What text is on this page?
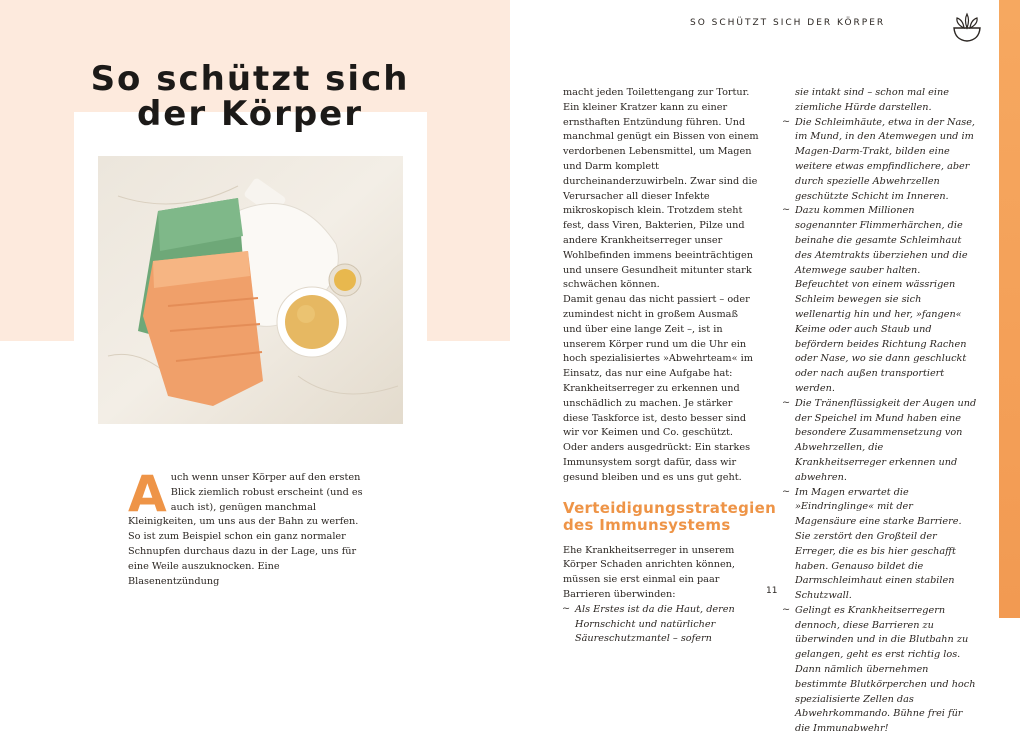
So schützt sich der Körper
SO SCHÜTZT SICH DER KÖRPER
A uch wenn unser Körper auf den ersten Blick ziemlich robust erscheint (und es auch ist), genügen manchmal Kleinigkeiten, um uns aus der Bahn zu werfen. So ist zum Beispiel schon ein ganz normaler Schnupfen durchaus dazu in der Lage, uns für eine Weile auszuknocken. Eine Blasenentzündung

macht jeden Toilettengang zur Tortur. Ein kleiner Kratzer kann zu einer ernsthaften Entzündung führen. Und manchmal genügt ein Bissen von einem verdorbenen Lebensmittel, um Magen und Darm komplett durcheinanderzuwirbeln. Zwar sind die Verursacher all dieser Infekte mikroskopisch klein. Trotzdem steht fest, dass Viren, Bakterien, Pilze und andere Krankheitserreger unser Wohlbefinden immens beeinträchtigen und unsere Gesundheit mitunter stark schwächen können.

Damit genau das nicht passiert – oder zumindest nicht in großem Ausmaß und über eine lange Zeit –, ist in unserem Körper rund um die Uhr ein hoch spezialisiertes »Abwehrteam« im Einsatz, das nur eine Aufgabe hat: Krankheitserreger zu erkennen und unschädlich zu machen. Je stärker diese Taskforce ist, desto besser sind wir vor Keimen und Co. geschützt. Oder anders ausgedrückt: Ein starkes Immunsystem sorgt dafür, dass wir gesund bleiben und es uns gut geht.

Verteidigungsstrategien des Immunsystems

Ehe Krankheitserreger in unserem Körper Schaden anrichten können, müssen sie erst einmal ein paar Barrieren überwinden:

~ Als Erstes ist da die Haut, deren Hornschicht und natürlicher Säureschutzmantel – sofern

sie intakt sind – schon mal eine ziemliche Hürde darstellen.

~ Die Schleimhäute, etwa in der Nase, im Mund, in den Atemwegen und im Magen-Darm-Trakt, bilden eine weitere etwas empfindlichere, aber durch spezielle Abwehrzellen geschützte Schicht im Inneren.
~ Dazu kommen Millionen sogenannter Flimmerhärchen, die beinahe die gesamte Schleimhaut des Atemtrakts überziehen und die Atemwege sauber halten. Befeuchtet von einem wässrigen Schleim bewegen sie sich wellenartig hin und her, »fangen« Keime oder auch Staub und befördern beides Richtung Rachen oder Nase, wo sie dann geschluckt oder nach außen transportiert werden.
~ Die Tränenflüssigkeit der Augen und der Speichel im Mund haben eine besondere Zusammensetzung von Abwehrzellen, die Krankheitserreger erkennen und abwehren.
~ Im Magen erwartet die »Eindringlinge« mit der Magensäure eine starke Barriere. Sie zerstört den Großteil der Erreger, die es bis hier geschafft haben. Genauso bildet die Darmschleimhaut einen stabilen Schutzwall.
~ Gelingt es Krankheitserregern dennoch, diese Barrieren zu überwinden und in die Blutbahn zu gelangen, geht es erst richtig los. Dann nämlich übernehmen bestimmte Blutkörperchen und hoch spezialisierte Zellen das Abwehrkommando. Bühne frei für die Immunabwehr!
11
